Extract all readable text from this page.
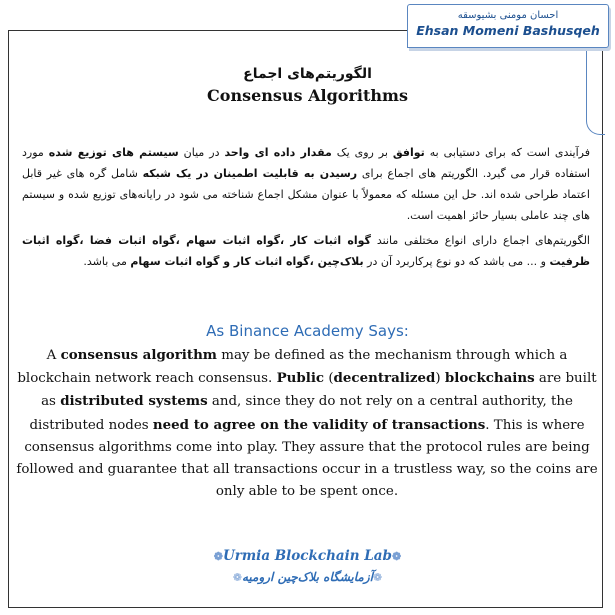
احسان مومنی بشیوسقه
Ehsan Momeni Bashusqeh
الگوریتم‌های اجماع
Consensus Algorithms

فرآیندی است که برای دستیابی به توافق بر روی یک مقدار داده ای واحد در میان سیستم های توزیع شده مورد استفاده قرار می گیرد. الگوریتم های اجماع برای رسیدن به قابلیت اطمینان در یک شبکه شامل گره های غیر قابل اعتماد طراحی شده اند. حل این مسئله که معمولاً با عنوان مشکل اجماع شناخته می شود در رایانه‌های توزیع شده و سیستم های چند عاملی بسیار حائز اهمیت است.

الگوریتم‌های اجماع دارای انواع مختلفی مانند گواه اثبات کار ،گواه اثبات سهام ،گواه اثبات فضا ،گواه اثبات ظرفیت و ... می باشد که دو نوع پرکاربرد آن در بلاک‌چین ،گواه اثبات کار و گواه اثبات سهام می باشد.

As Binance Academy Says:
A consensus algorithm may be defined as the mechanism through which a blockchain network reach consensus. Public (decentralized) blockchains are built as distributed systems and, since they do not rely on a central authority, the distributed nodes need to agree on the validity of transactions. This is where consensus algorithms come into play. They assure that the protocol rules are being followed and guarantee that all transactions occur in a trustless way, so the coins are only able to be spent once.
❁Urmia Blockchain Lab❁
❁آزمایشگاه بلاک‌چین ارومیه❁
